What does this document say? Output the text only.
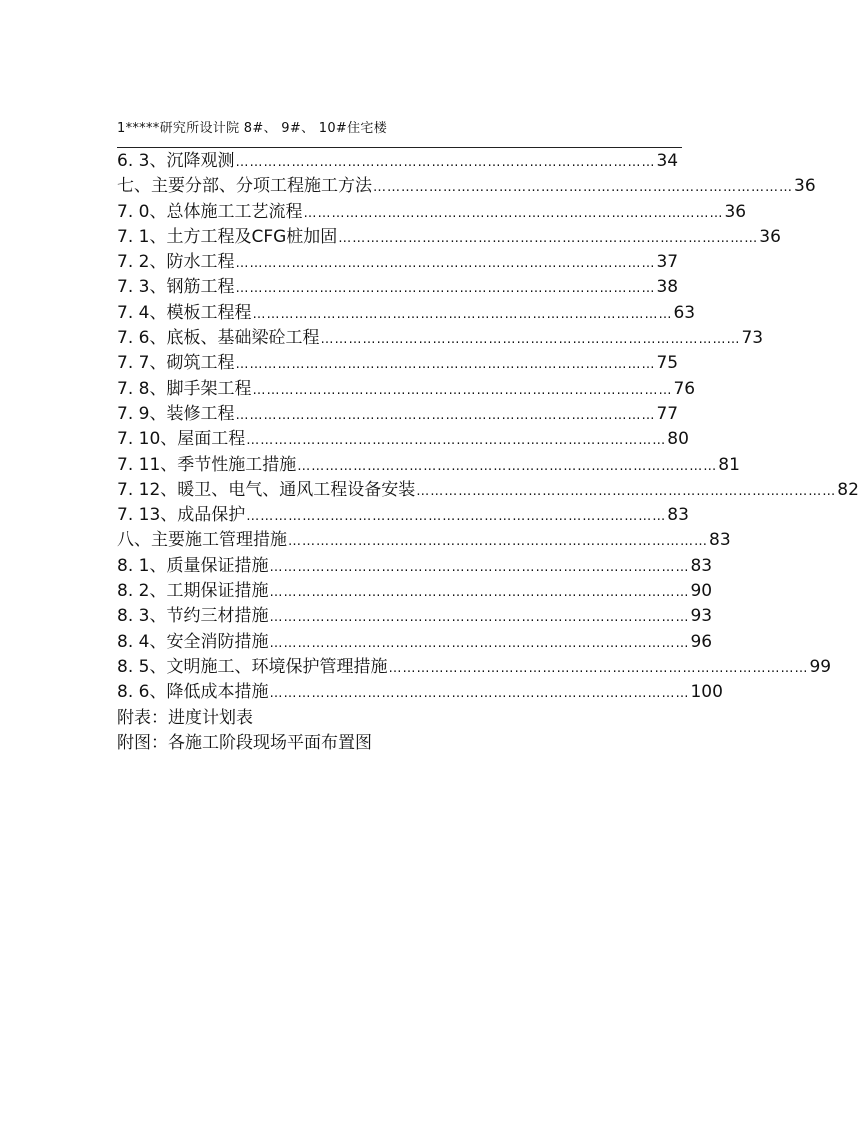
1*****研究所设计院 8#、 9#、 10#住宅楼
6. 3、 沉降观测 ……………………………………………………………………………… 34
七、主要分部、分项工程施工方法 ……………………………………………………………………………… 36
7. 0、 总体施工工艺流程 ……………………………………………………………………………… 36
7. 1、 土方工程及CFG桩加固 ……………………………………………………………………………… 36
7. 2、 防水工程 ……………………………………………………………………………… 37
7. 3、 钢筋工程 ……………………………………………………………………………… 38
7. 4、 模板工程程 ……………………………………………………………………………… 63
7. 6、 底板、基础梁砼工程 ……………………………………………………………………………… 73
7. 7、 砌筑工程 ……………………………………………………………………………… 75
7. 8、 脚手架工程 ……………………………………………………………………………… 76
7. 9、 装修工程 ……………………………………………………………………………… 77
7. 10、 屋面工程 ……………………………………………………………………………… 80
7. 11、 季节性施工措施 ……………………………………………………………………………… 81
7. 12、 暖卫、电气、通风工程设备安装 ……………………………………………………………………………… 82
7. 13、 成品保护 ……………………………………………………………………………… 83
八、主要施工管理措施 ……………………………………………………………………………… 83
8. 1、 质量保证措施 ……………………………………………………………………………… 83
8. 2、 工期保证措施 ……………………………………………………………………………… 90
8. 3、 节约三材措施 ……………………………………………………………………………… 93
8. 4、 安全消防措施 ……………………………………………………………………………… 96
8. 5、 文明施工、环境保护管理措施 ……………………………………………………………………………… 99
8. 6、 降低成本措施 ……………………………………………………………………………… 100
附表：进度计划表
附图：各施工阶段现场平面布置图
